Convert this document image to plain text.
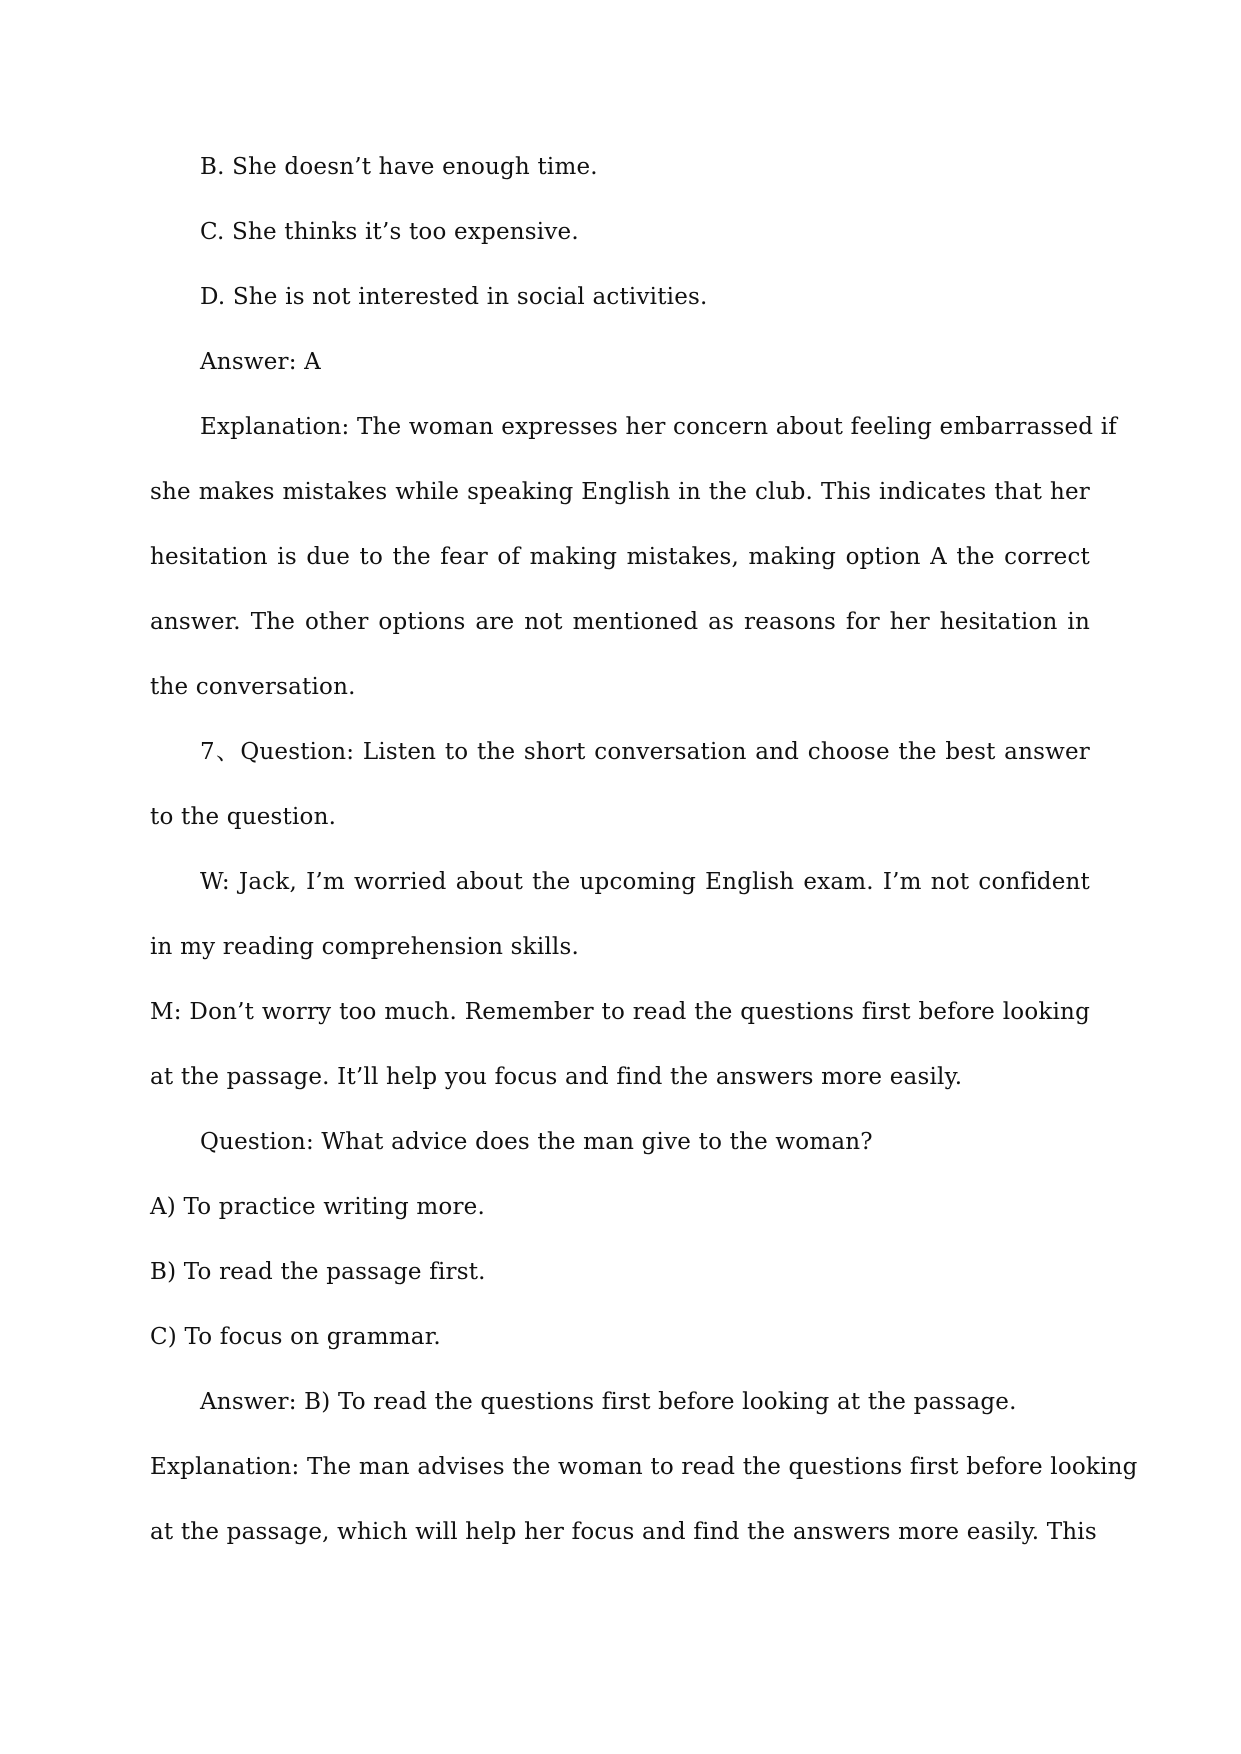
B. She doesn’t have enough time.
C. She thinks it’s too expensive.
D. She is not interested in social activities.
Answer: A
Explanation: The woman expresses her concern about feeling embarrassed if
she makes mistakes while speaking English in the club. This indicates that her
hesitation is due to the fear of making mistakes, making option A the correct
answer. The other options are not mentioned as reasons for her hesitation in
the conversation.
7、Question: Listen to the short conversation and choose the best answer
to the question.
W: Jack, I’m worried about the upcoming English exam. I’m not confident
in my reading comprehension skills.
M: Don’t worry too much. Remember to read the questions first before looking
at the passage. It’ll help you focus and find the answers more easily.
Question: What advice does the man give to the woman?
A) To practice writing more.
B) To read the passage first.
C) To focus on grammar.
Answer: B) To read the questions first before looking at the passage.
Explanation: The man advises the woman to read the questions first before looking
at the passage, which will help her focus and find the answers more easily. This
